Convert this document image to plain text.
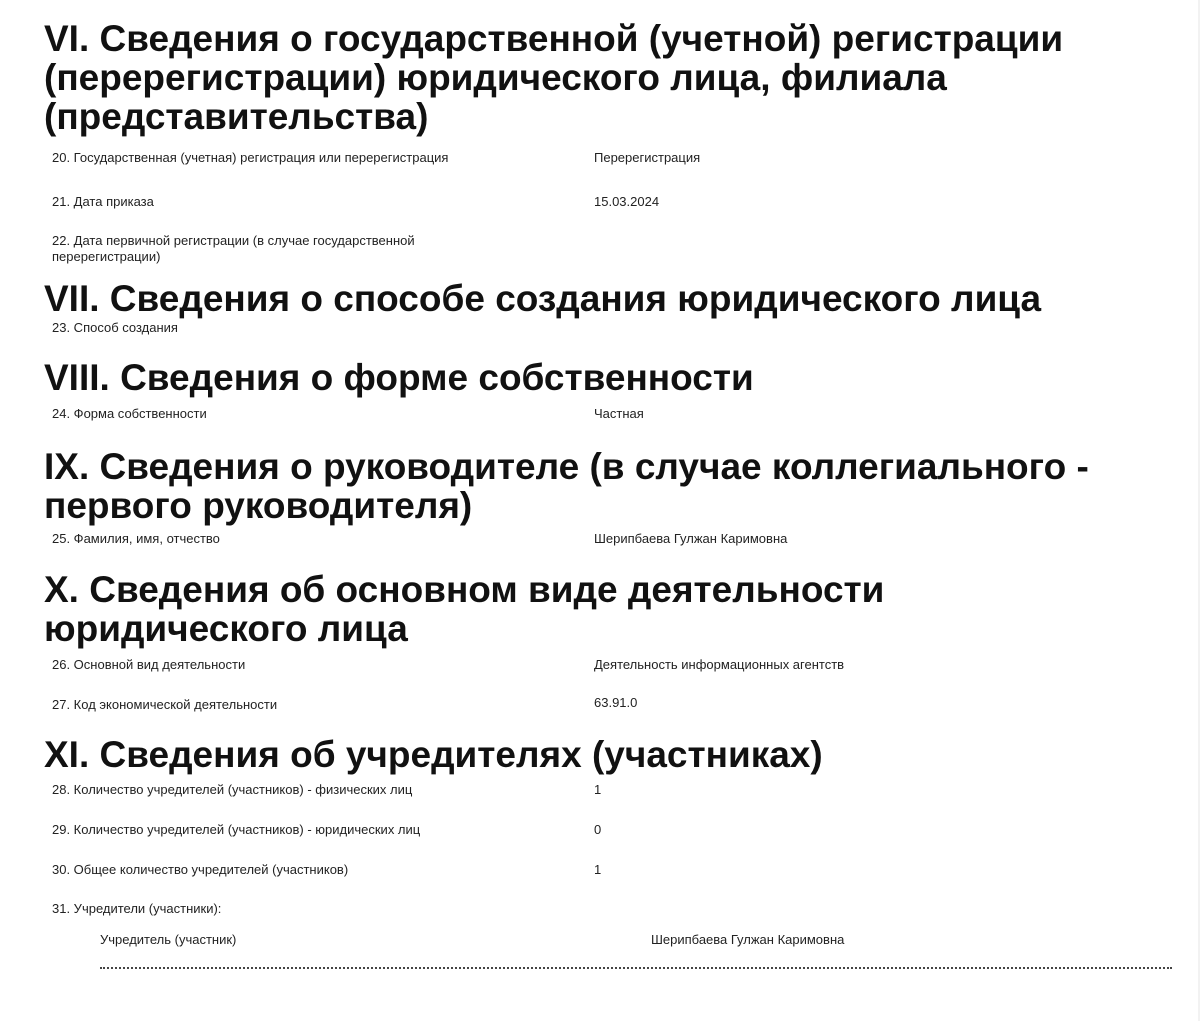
VI. Сведения о государственной (учетной) регистрации
(перерегистрации) юридического лица, филиала
(представительства)
20. Государственная (учетная) регистрация или перерегистрация	Перерегистрация
21. Дата приказа	15.03.2024
22. Дата первичной регистрации (в случае государственной
перерегистрации)
VII. Сведения о способе создания юридического лица
23. Способ создания
VIII. Сведения о форме собственности
24. Форма собственности	Частная
IX. Сведения о руководителе (в случае коллегиального -
первого руководителя)
25. Фамилия, имя, отчество	Шерипбаева Гулжан Каримовна
X. Сведения об основном виде деятельности
юридического лица
26. Основной вид деятельности	Деятельность информационных агентств
27. Код экономической деятельности	63.91.0
XI. Сведения об учредителях (участниках)
28. Количество учредителей (участников) - физических лиц	1
29. Количество учредителей (участников) - юридических лиц	0
30. Общее количество учредителей (участников)	1
31. Учредители (участники):
Учредитель (участник)	Шерипбаева Гулжан Каримовна
